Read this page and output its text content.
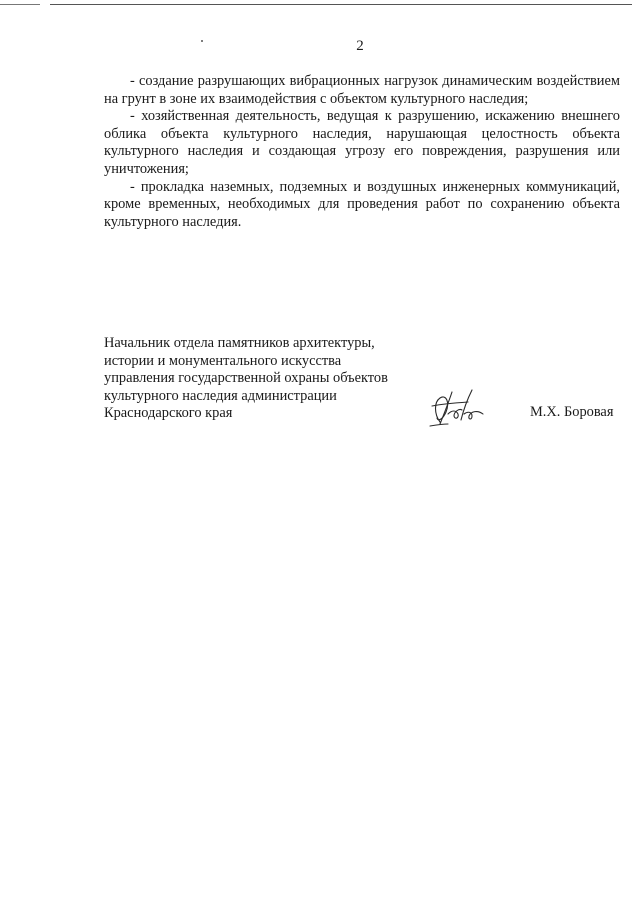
2

- создание разрушающих вибрационных нагрузок динамическим воздействием на грунт в зоне их взаимодействия с объектом культурного наследия;

- хозяйственная деятельность, ведущая к разрушению, искажению внешнего облика объекта культурного наследия, нарушающая целостность объекта культурного наследия и создающая угрозу его повреждения, разрушения или уничтожения;

- прокладка наземных, подземных и воздушных инженерных коммуникаций, кроме временных, необходимых для проведения работ по сохранению объекта культурного наследия.

Начальник отдела памятников архитектуры,
истории и монументального искусства
управления государственной охраны объектов
культурного наследия администрации
Краснодарского края	М.Х. Боровая
